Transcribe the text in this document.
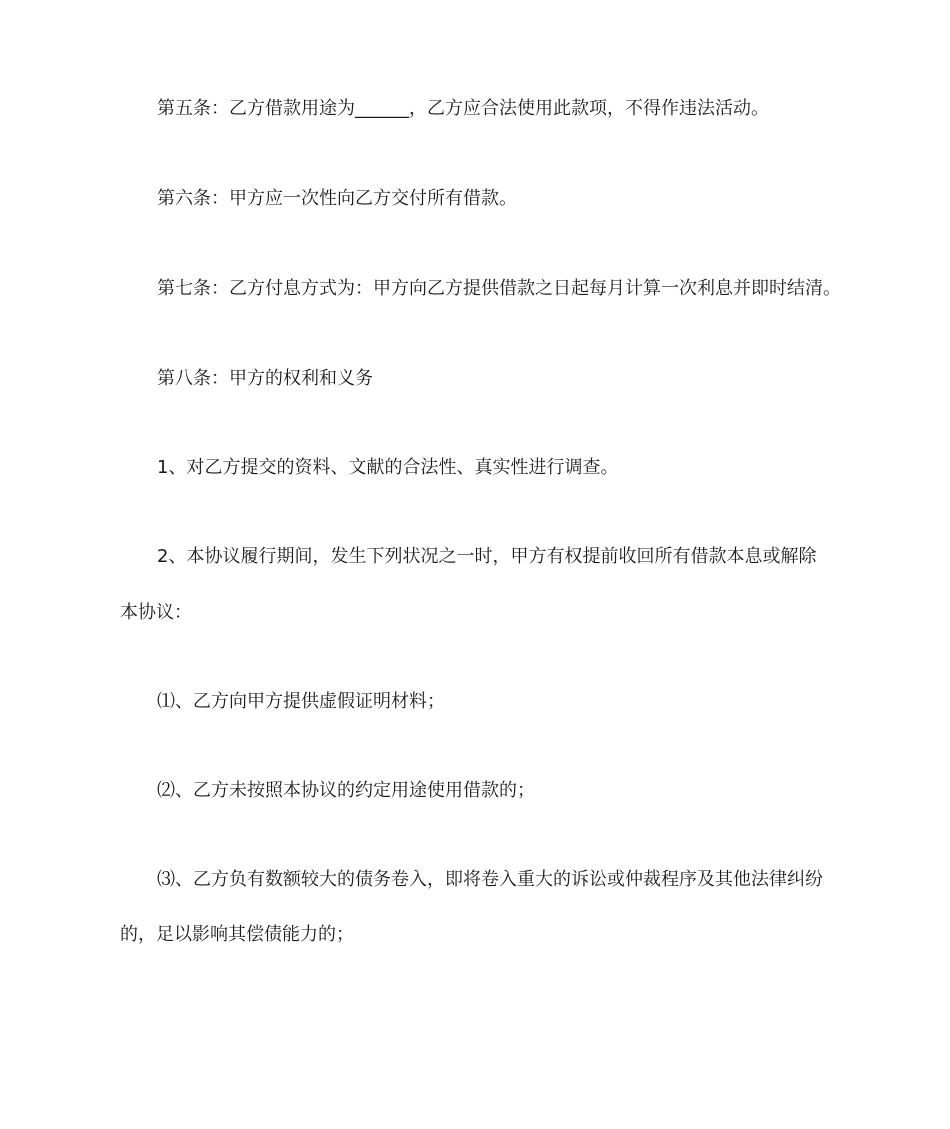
第五条：乙方借款用途为______，乙方应合法使用此款项，不得作违法活动。
第六条：甲方应一次性向乙方交付所有借款。
第七条：乙方付息方式为：甲方向乙方提供借款之日起每月计算一次利息并即时结清。
第八条：甲方的权利和义务
1、对乙方提交的资料、文献的合法性、真实性进行调查。
2、本协议履行期间，发生下列状况之一时，甲方有权提前收回所有借款本息或解除
本协议：
⑴、乙方向甲方提供虚假证明材料；
⑵、乙方未按照本协议的约定用途使用借款的；
⑶、乙方负有数额较大的债务卷入，即将卷入重大的诉讼或仲裁程序及其他法律纠纷
的，足以影响其偿债能力的；
